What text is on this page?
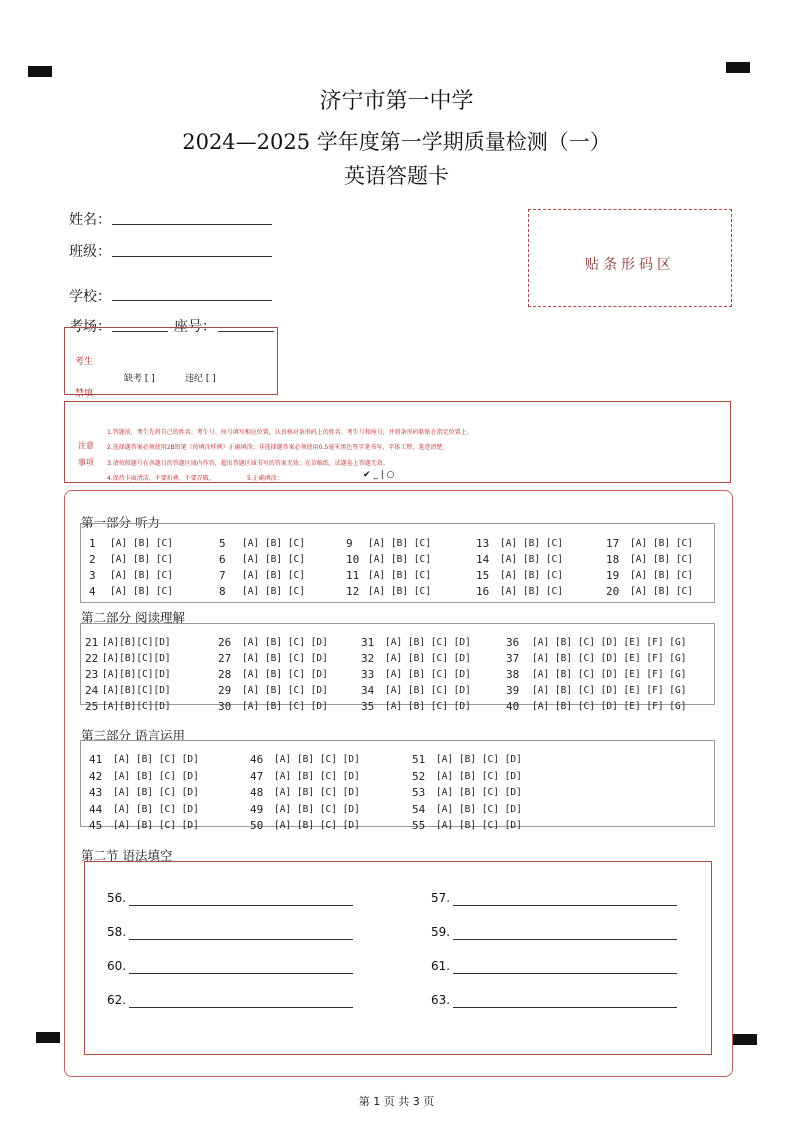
济宁市第一中学
2024—2025 学年度第一学期质量检测（一）
英语答题卡
姓名：
班级：
学校：
考场：	座号：
贴条形码区
考生
禁填
缺考 [ ]	违纪 [ ]
注意
事项
1.答题前，考生先将自己的姓名、考生号、座号填写相应位置，认真核对条形码上的姓名、考生号和座号，并将条形码粘贴在指定位置上。
2.选择题答案必须使用2B铅笔（按填涂样例）正确填涂；非选择题答案必须使用0.5毫米黑色签字笔书写，字体工整、笔迹清楚。
3.请按照题号在各题目的答题区域内作答，超出答题区域书写的答案无效；在草稿纸、试题卷上答题无效。
4.保持卡面清洁，不要折叠、不要弄破。	5.正确填涂：	✔ _ | ○
第一部分 听力
1 [A] [B] [C]
2 [A] [B] [C]
3 [A] [B] [C]
4 [A] [B] [C]
5 [A] [B] [C]
6 [A] [B] [C]
7 [A] [B] [C]
8 [A] [B] [C]
9 [A] [B] [C]
10 [A] [B] [C]
11 [A] [B] [C]
12 [A] [B] [C]
13 [A] [B] [C]
14 [A] [B] [C]
15 [A] [B] [C]
16 [A] [B] [C]
17 [A] [B] [C]
18 [A] [B] [C]
19 [A] [B] [C]
20 [A] [B] [C]
第二部分 阅读理解
21 [A][B][C][D]
22 [A][B][C][D]
23 [A][B][C][D]
24 [A][B][C][D]
25 [A][B][C][D]
26 [A] [B] [C] [D]
27 [A] [B] [C] [D]
28 [A] [B] [C] [D]
29 [A] [B] [C] [D]
30 [A] [B] [C] [D]
31 [A] [B] [C] [D]
32 [A] [B] [C] [D]
33 [A] [B] [C] [D]
34 [A] [B] [C] [D]
35 [A] [B] [C] [D]
36 [A] [B] [C] [D] [E] [F] [G]
37 [A] [B] [C] [D] [E] [F] [G]
38 [A] [B] [C] [D] [E] [F] [G]
39 [A] [B] [C] [D] [E] [F] [G]
40 [A] [B] [C] [D] [E] [F] [G]
第三部分 语言运用
41 [A] [B] [C] [D]
42 [A] [B] [C] [D]
43 [A] [B] [C] [D]
44 [A] [B] [C] [D]
45 [A] [B] [C] [D]
46 [A] [B] [C] [D]
47 [A] [B] [C] [D]
48 [A] [B] [C] [D]
49 [A] [B] [C] [D]
50 [A] [B] [C] [D]
51 [A] [B] [C] [D]
52 [A] [B] [C] [D]
53 [A] [B] [C] [D]
54 [A] [B] [C] [D]
55 [A] [B] [C] [D]
第二节 语法填空
56.	57.
58.	59.
60.	61.
62.	63.
第 1 页 共 3 页
